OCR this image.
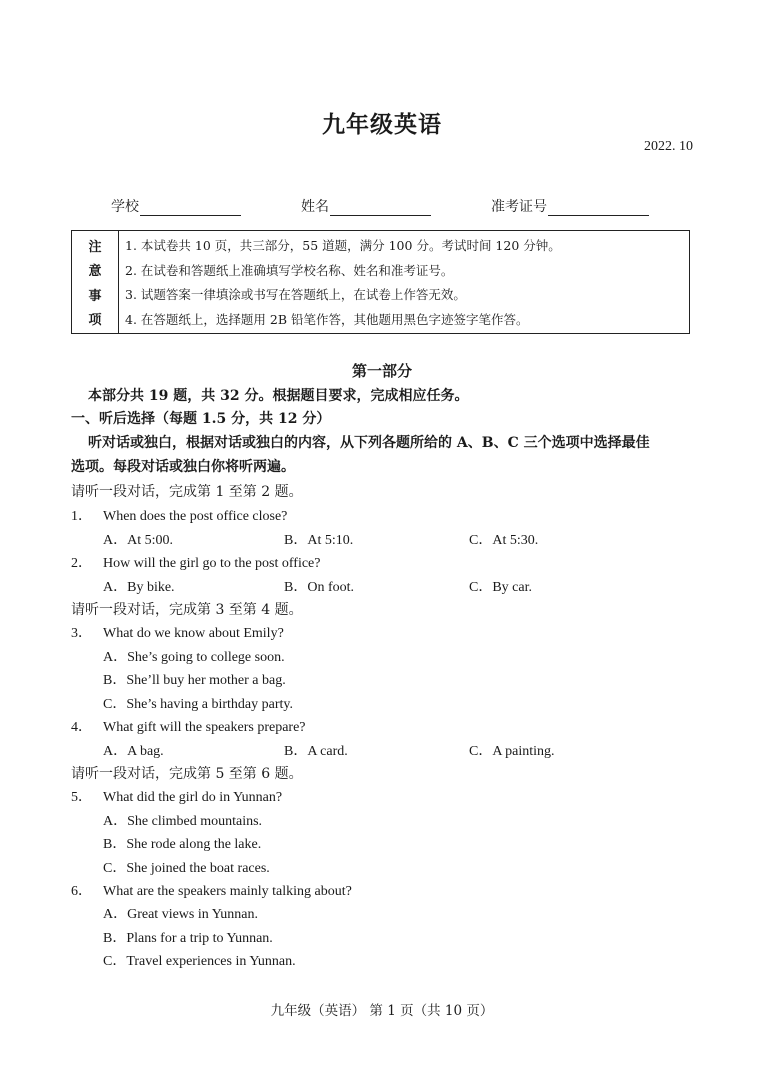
九年级英语
2022. 10
学校	姓名	准考证号
注
意
事
项
1. 本试卷共 10 页，共三部分，55 道题，满分 100 分。考试时间 120 分钟。
2. 在试卷和答题纸上准确填写学校名称、姓名和准考证号。
3. 试题答案一律填涂或书写在答题纸上，在试卷上作答无效。
4. 在答题纸上，选择题用 2B 铅笔作答，其他题用黑色字迹签字笔作答。
第一部分
本部分共 19 题，共 32 分。根据题目要求，完成相应任务。
一、听后选择（每题 1.5 分，共 12 分）
听对话或独白，根据对话或独白的内容，从下列各题所给的 A、B、C 三个选项中选择最佳
选项。每段对话或独白你将听两遍。
请听一段对话，完成第 1 至第 2 题。
1． When does the post office close?
A．At 5:00.	B．At 5:10.	C．At 5:30.
2． How will the girl go to the post office?
A．By bike.	B．On foot.	C．By car.
请听一段对话，完成第 3 至第 4 题。
3． What do we know about Emily?
A．She’s going to college soon.
B．She’ll buy her mother a bag.
C．She’s having a birthday party.
4． What gift will the speakers prepare?
A．A bag.	B．A card.	C．A painting.
请听一段对话，完成第 5 至第 6 题。
5． What did the girl do in Yunnan?
A．She climbed mountains.
B．She rode along the lake.
C．She joined the boat races.
6． What are the speakers mainly talking about?
A．Great views in Yunnan.
B．Plans for a trip to Yunnan.
C．Travel experiences in Yunnan.
九年级（英语） 第 1 页（共 10 页）
